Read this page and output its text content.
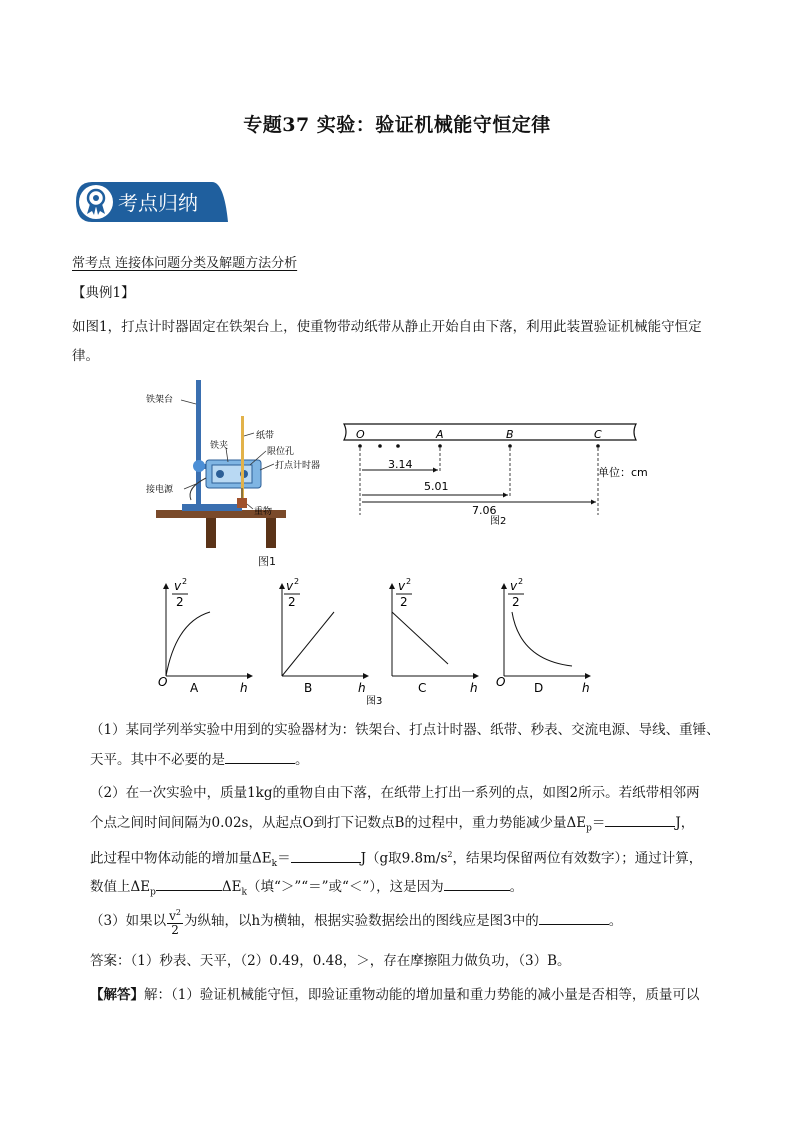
专题37 实验：验证机械能守恒定律
考点归纳
常考点 连接体问题分类及解题方法分析
【典例1】
如图1，打点计时器固定在铁架台上，使重物带动纸带从静止开始自由下落，利用此装置验证机械能守恒定
律。
铁架台
纸带
铁夹
限位孔
打点计时器
接电源
重物
图1
O	A	B	C
3.14
5.01
7.06
单位：cm
图2
v 2
2
O A	h
v 2
2
B	h
v 2
2
C	h
v 2
2
O D	h
图3
（1）某同学列举实验中用到的实验器材为：铁架台、打点计时器、纸带、秒表、交流电源、导线、重锤、
天平。其中不必要的是	。
（2）在一次实验中，质量1kg的重物自由下落，在纸带上打出一系列的点，如图2所示。若纸带相邻两
个点之间时间间隔为0.02s，从起点O到打下记数点B的过程中，重力势能减少量$\Delta E_p=$	J，
此过程中物体动能的增加量$\Delta E_k=$	J（g取$9.8m/s^2$，结果均保留两位有效数字）；通过计算，
数值上$\Delta E_p$	$\Delta E_k$（填“＞”“＝”或“＜”），这是因为	。
（3）如果以 $\frac{v^2}{2}$ 为纵轴，以h为横轴，根据实验数据绘出的图线应是图3中的	。
答案：（1）秒表、天平，（2）0.49，0.48，＞，存在摩擦阻力做负功，（3）B。
【解答】解：（1）验证机械能守恒，即验证重物动能的增加量和重力势能的减小量是否相等，质量可以
